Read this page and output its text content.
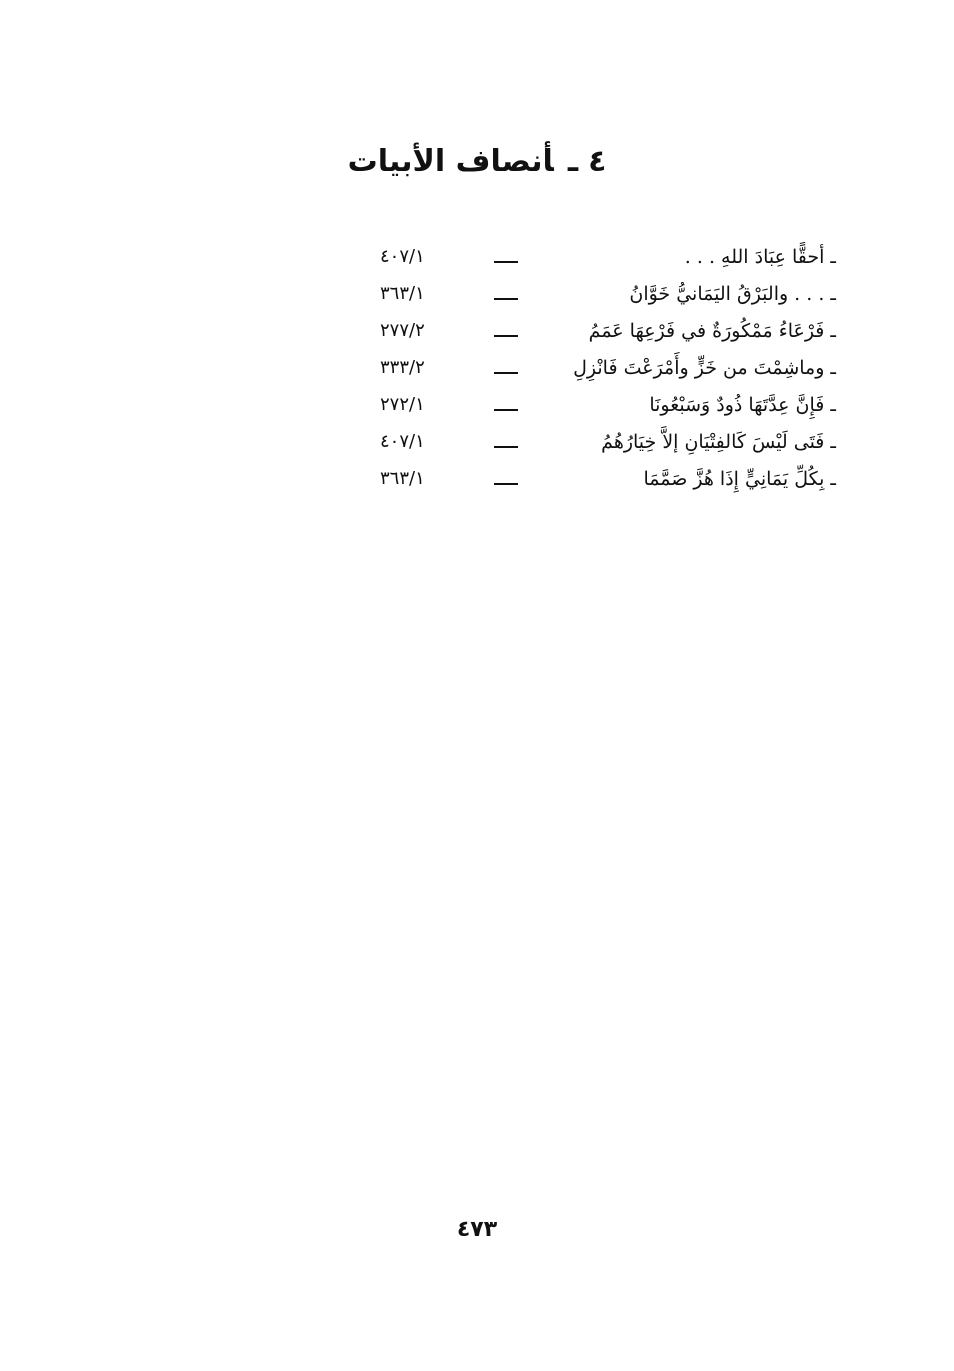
٤ـأنصاف الأبيات
ـ أحقًّا عِبَادَ اللهِ . . .
٤٠٧/١
ـ . . . والبَرْقُ اليَمَانيُّ خَوَّانُ
٣٦٣/١
ـ فَرْعَاءُ مَمْكُورَةٌ في فَرْعِهَا عَمَمُ
٢٧٧/٢
ـ وماشِمْتَ من خَزٍّ وأَمْرَعْتَ فَانْزِلِ
٣٣٣/٢
ـ فَإِنَّ عِدَّتَهَا ذُودٌ وَسَبْعُونَا
٢٧٢/١
ـ فَتَى لَيْسَ كَالفِتْيَانِ إلاَّ خِيَارُهُمُ
٤٠٧/١
ـ بِكُلِّ يَمَانِيٍّ إِذَا هُزَّ صَمَّمَا
٣٦٣/١
٤٧٣
